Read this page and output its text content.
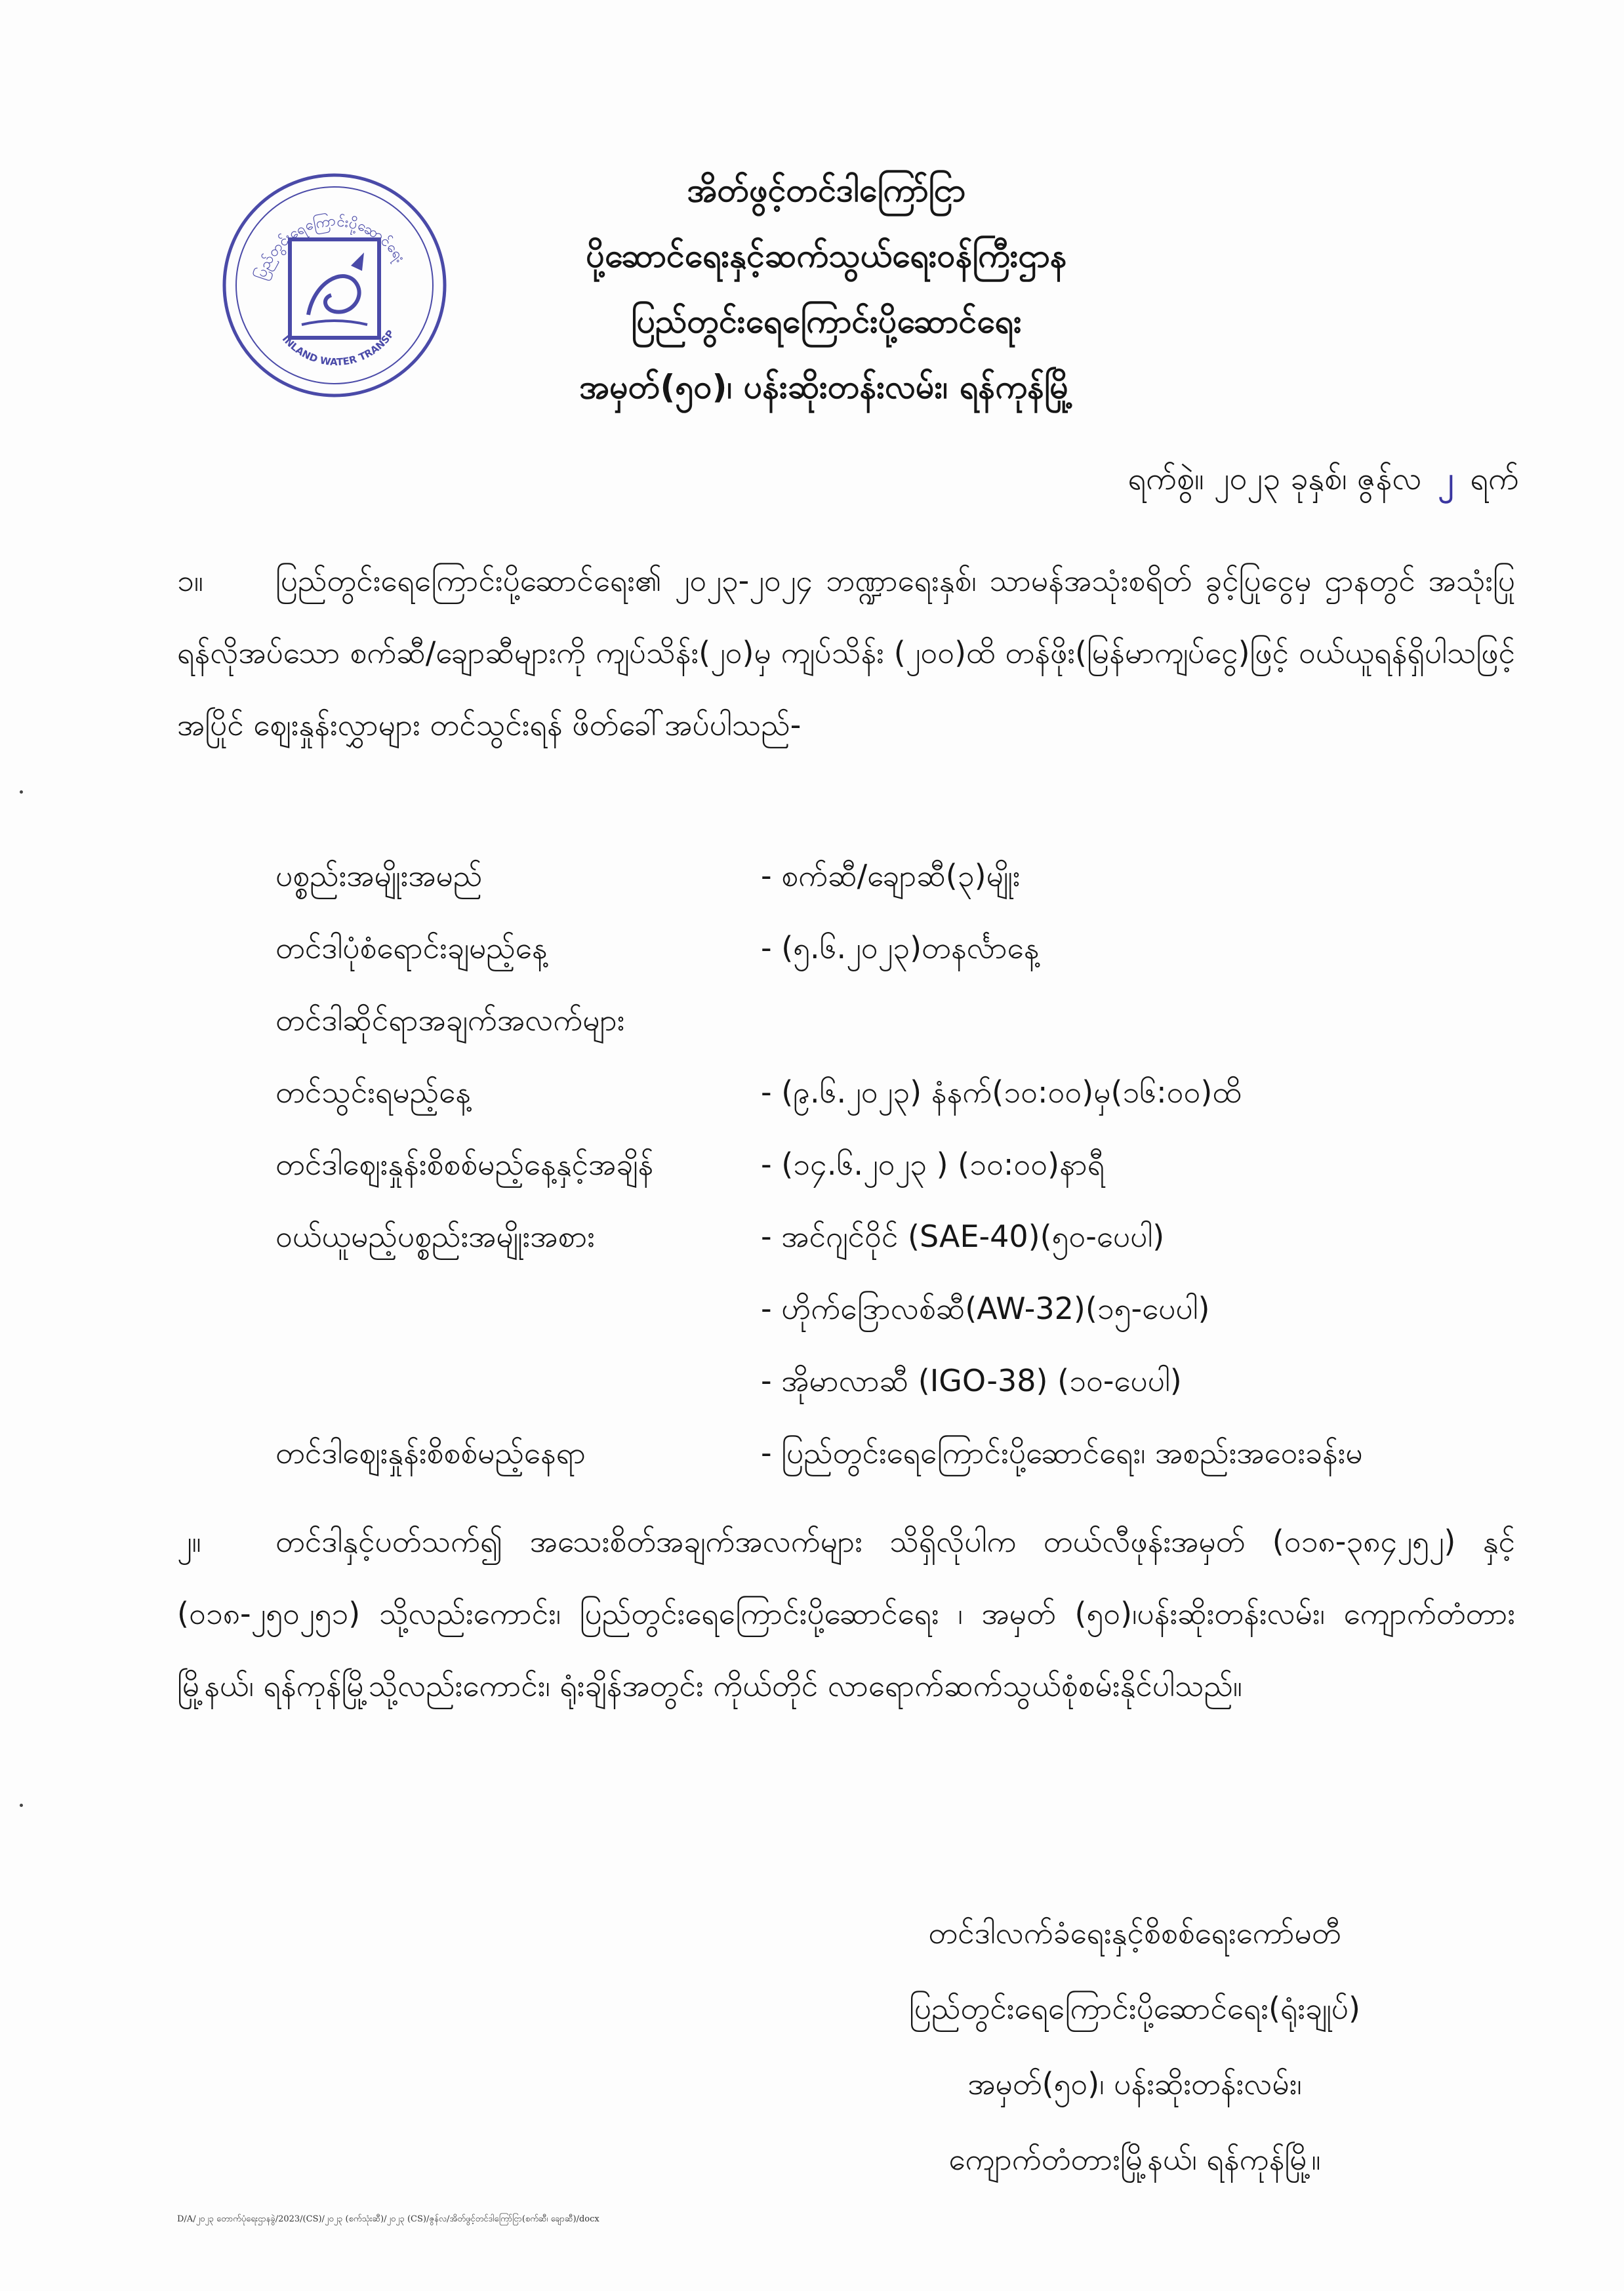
ပြည်တွင်းရေကြောင်းပို့ဆောင်ရေး
INLAND WATER TRANSP
အိတ်ဖွင့်တင်ဒါကြော်ငြာ
ပို့ဆောင်ရေးနှင့်ဆက်သွယ်ရေးဝန်ကြီးဌာန
ပြည်တွင်းရေကြောင်းပို့ဆောင်ရေး
အမှတ်(၅၀)၊ ပန်းဆိုးတန်းလမ်း၊ ရန်ကုန်မြို့
ရက်စွဲ။ ၂၀၂၃ ခုနှစ်၊ ဇွန်လ ၂ ရက်
၁။ ပြည်တွင်းရေကြောင်းပို့ဆောင်ရေး၏ ၂၀၂၃-၂၀၂၄ ဘဏ္ဍာရေးနှစ်၊ သာမန်အသုံးစရိတ် ခွင့်ပြုငွေမှ ဌာနတွင် အသုံးပြုရန်လိုအပ်သော စက်ဆီ/ချောဆီများကို ကျပ်သိန်း(၂၀)မှ ကျပ်သိန်း (၂၀၀)ထိ တန်ဖိုး(မြန်မာကျပ်ငွေ)ဖြင့် ဝယ်ယူရန်ရှိပါသဖြင့် အပြိုင် ဈေးနှုန်းလွှာများ တင်သွင်းရန် ဖိတ်ခေါ်အပ်ပါသည်-
ပစ္စည်းအမျိုးအမည်	- စက်ဆီ/ချောဆီ(၃)မျိုး
တင်ဒါပုံစံရောင်းချမည့်နေ့	- (၅.၆.၂၀၂၃)တနင်္လာနေ့
တင်ဒါဆိုင်ရာအချက်အလက်များ
တင်သွင်းရမည့်နေ့	- (၉.၆.၂၀၂၃) နံနက်(၁၀:၀၀)မှ(၁၆:၀၀)ထိ
တင်ဒါဈေးနှုန်းစိစစ်မည့်နေ့နှင့်အချိန်	- (၁၄.၆.၂၀၂၃ ) (၁၀:၀၀)နာရီ
ဝယ်ယူမည့်ပစ္စည်းအမျိုးအစား	- အင်ဂျင်ဝိုင် (SAE-40)(၅၀-ပေပါ)
- ဟိုက်ဒြောလစ်ဆီ(AW-32)(၁၅-ပေပါ)
- အိုမာလာဆီ (IGO-38) (၁၀-ပေပါ)
တင်ဒါဈေးနှုန်းစိစစ်မည့်နေရာ	- ပြည်တွင်းရေကြောင်းပို့ဆောင်ရေး၊ အစည်းအဝေးခန်းမ
၂။ တင်ဒါနှင့်ပတ်သက်၍ အသေးစိတ်အချက်အလက်များ သိရှိလိုပါက တယ်လီဖုန်းအမှတ် (၀၁၈-၃၈၄၂၅၂) နှင့် (၀၁၈-၂၅၀၂၅၁) သို့လည်းကောင်း၊ ပြည်တွင်းရေကြောင်းပို့ဆောင်ရေး ၊ အမှတ် (၅၀)၊ပန်းဆိုးတန်းလမ်း၊ ကျောက်တံတားမြို့နယ်၊ ရန်ကုန်မြို့သို့လည်းကောင်း၊ ရုံးချိန်အတွင်း ကိုယ်တိုင် လာရောက်ဆက်သွယ်စုံစမ်းနိုင်ပါသည်။
တင်ဒါလက်ခံရေးနှင့်စိစစ်ရေးကော်မတီ
ပြည်တွင်းရေကြောင်းပို့ဆောင်ရေး(ရုံးချုပ်)
အမှတ်(၅၀)၊ ပန်းဆိုးတန်းလမ်း၊
ကျောက်တံတားမြို့နယ်၊ ရန်ကုန်မြို့။
D/A/၂၀၂၃ တောက်ပုံရေးဌာနခွဲ/2023/(CS)/၂၀၂၃ (စက်သုံးဆီ)/၂၀၂၃ (CS)/ဇွန်လ/အိတ်ဖွင့်တင်ဒါကြော်ငြာ(စက်ဆီ၊ ချောဆီ)/docx
